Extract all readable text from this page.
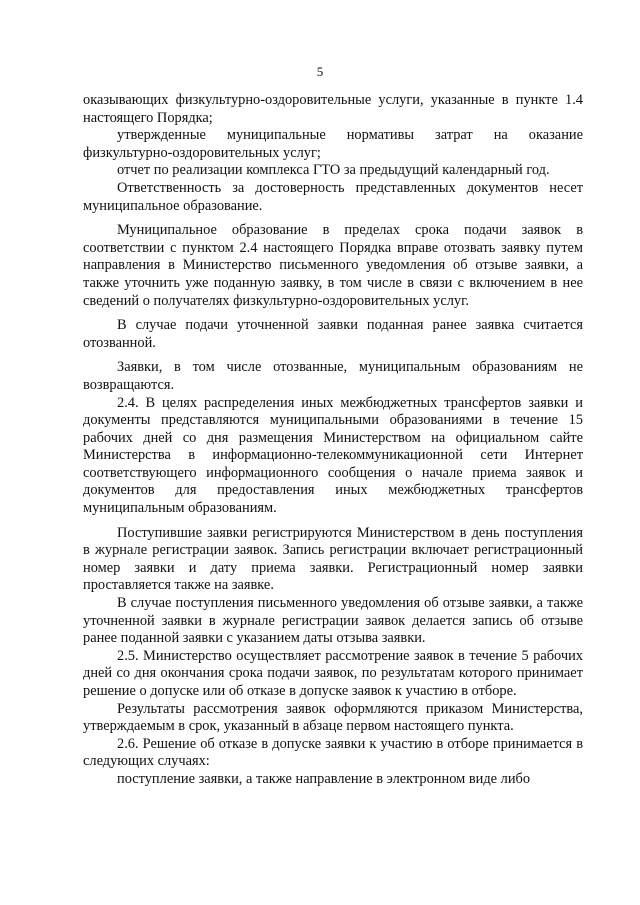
5

оказывающих физкультурно-оздоровительные услуги, указанные в пункте 1.4 настоящего Порядка;

утвержденные муниципальные нормативы затрат на оказание физкультурно-оздоровительных услуг;

отчет по реализации комплекса ГТО за предыдущий календарный год.

Ответственность за достоверность представленных документов несет муниципальное образование.

Муниципальное образование в пределах срока подачи заявок в соответствии с пунктом 2.4 настоящего Порядка вправе отозвать заявку путем направления в Министерство письменного уведомления об отзыве заявки, а также уточнить уже поданную заявку, в том числе в связи с включением в нее сведений о получателях физкультурно-оздоровительных услуг.

В случае подачи уточненной заявки поданная ранее заявка считается отозванной.

Заявки, в том числе отозванные, муниципальным образованиям не возвращаются.

2.4. В целях распределения иных межбюджетных трансфертов заявки и документы представляются муниципальными образованиями в течение 15 рабочих дней со дня размещения Министерством на официальном сайте Министерства в информационно-телекоммуникационной сети Интернет соответствующего информационного сообщения о начале приема заявок и документов для предоставления иных межбюджетных трансфертов муниципальным образованиям.

Поступившие заявки регистрируются Министерством в день поступления в журнале регистрации заявок. Запись регистрации включает регистрационный номер заявки и дату приема заявки. Регистрационный номер заявки проставляется также на заявке.

В случае поступления письменного уведомления об отзыве заявки, а также уточненной заявки в журнале регистрации заявок делается запись об отзыве ранее поданной заявки с указанием даты отзыва заявки.

2.5. Министерство осуществляет рассмотрение заявок в течение 5 рабочих дней со дня окончания срока подачи заявок, по результатам которого принимает решение о допуске или об отказе в допуске заявок к участию в отборе.

Результаты рассмотрения заявок оформляются приказом Министерства, утверждаемым в срок, указанный в абзаце первом настоящего пункта.

2.6. Решение об отказе в допуске заявки к участию в отборе принимается в следующих случаях:

поступление заявки, а также направление в электронном виде либо
